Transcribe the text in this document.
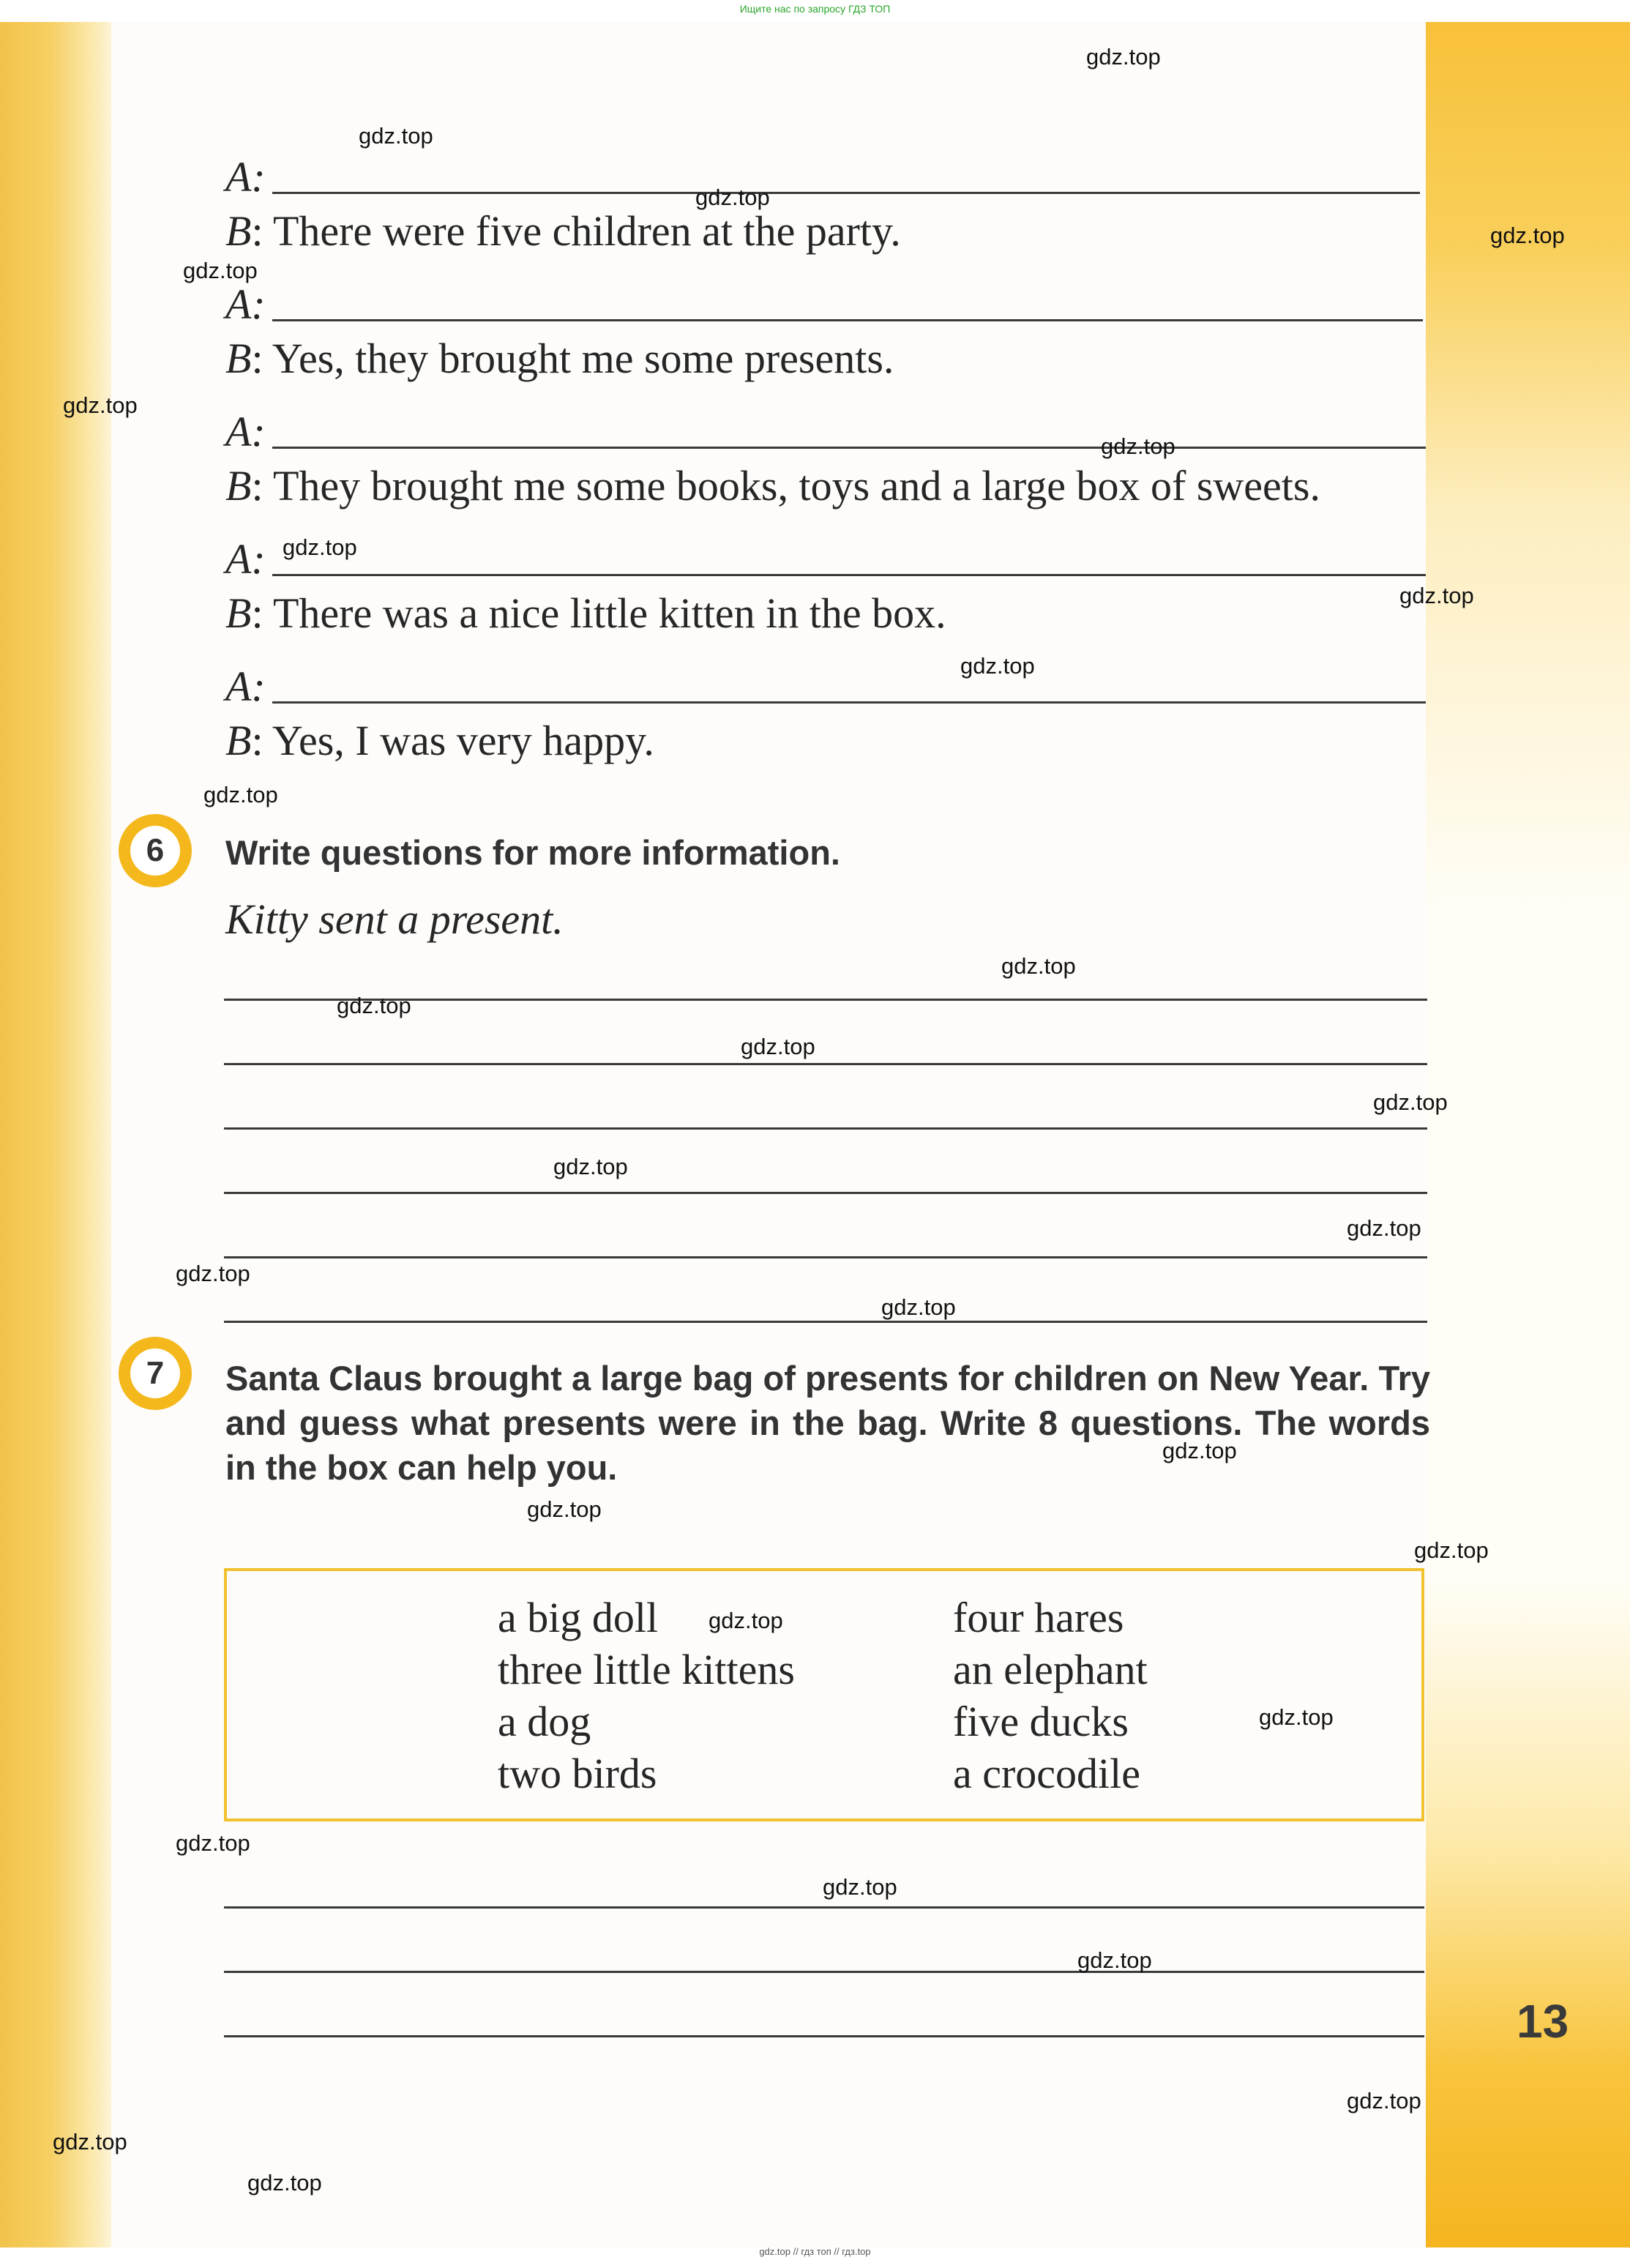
Ищите нас по запросу ГДЗ ТОП
A:
B: There were five children at the party.
A:
B: Yes, they brought me some presents.
A:
B: They brought me some books, toys and a large box of sweets.
A:
B: There was a nice little kitten in the box.
A:
B: Yes, I was very happy.
6	Write questions for more information.
Kitty sent a present.
7	Santa Claus brought a large bag of presents for children on New Year. Try and guess what presents were in the bag. Write 8 questions. The words in the box can help you.
a big doll
three little kittens
a dog
two birds
four hares
an elephant
five ducks
a crocodile
13
gdz.top
gdz.top
gdz.top
gdz.top
gdz.top
gdz.top
gdz.top
gdz.top
gdz.top
gdz.top
gdz.top
gdz.top
gdz.top
gdz.top
gdz.top
gdz.top
gdz.top
gdz.top
gdz.top
gdz.top
gdz.top
gdz.top
gdz.top
gdz.top
gdz.top
gdz.top
gdz.top
gdz.top
gdz.top
gdz.top
gdz.top // гдз топ // гдз.top
